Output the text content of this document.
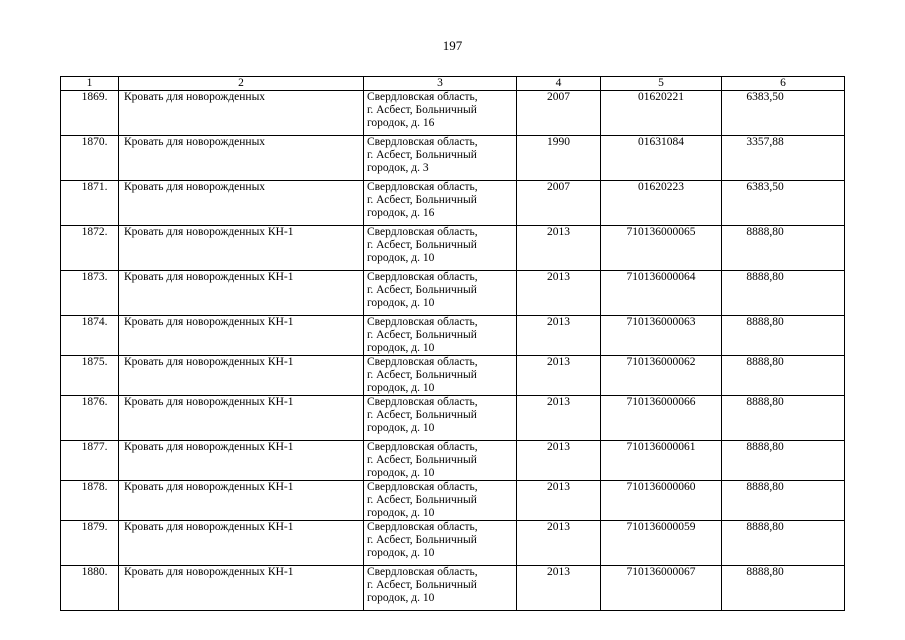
197
1	2	3	4	5	6
1869.	Кровать для новорожденных	Свердловская область,
г. Асбест, Больничный
городок, д. 16	2007	01620221	6383,50
1870.	Кровать для новорожденных	Свердловская область,
г. Асбест, Больничный
городок, д. 3	1990	01631084	3357,88
1871.	Кровать для новорожденных	Свердловская область,
г. Асбест, Больничный
городок, д. 16	2007	01620223	6383,50
1872.	Кровать для новорожденных КН-1	Свердловская область,
г. Асбест, Больничный
городок, д. 10	2013	710136000065	8888,80
1873.	Кровать для новорожденных КН-1	Свердловская область,
г. Асбест, Больничный
городок, д. 10	2013	710136000064	8888,80
1874.	Кровать для новорожденных КН-1	Свердловская область,
г. Асбест, Больничный
городок, д. 10	2013	710136000063	8888,80
1875.	Кровать для новорожденных КН-1	Свердловская область,
г. Асбест, Больничный
городок, д. 10	2013	710136000062	8888,80
1876.	Кровать для новорожденных КН-1	Свердловская область,
г. Асбест, Больничный
городок, д. 10	2013	710136000066	8888,80
1877.	Кровать для новорожденных КН-1	Свердловская область,
г. Асбест, Больничный
городок, д. 10	2013	710136000061	8888,80
1878.	Кровать для новорожденных КН-1	Свердловская область,
г. Асбест, Больничный
городок, д. 10	2013	710136000060	8888,80
1879.	Кровать для новорожденных КН-1	Свердловская область,
г. Асбест, Больничный
городок, д. 10	2013	710136000059	8888,80
1880.	Кровать для новорожденных КН-1	Свердловская область,
г. Асбест, Больничный
городок, д. 10	2013	710136000067	8888,80
